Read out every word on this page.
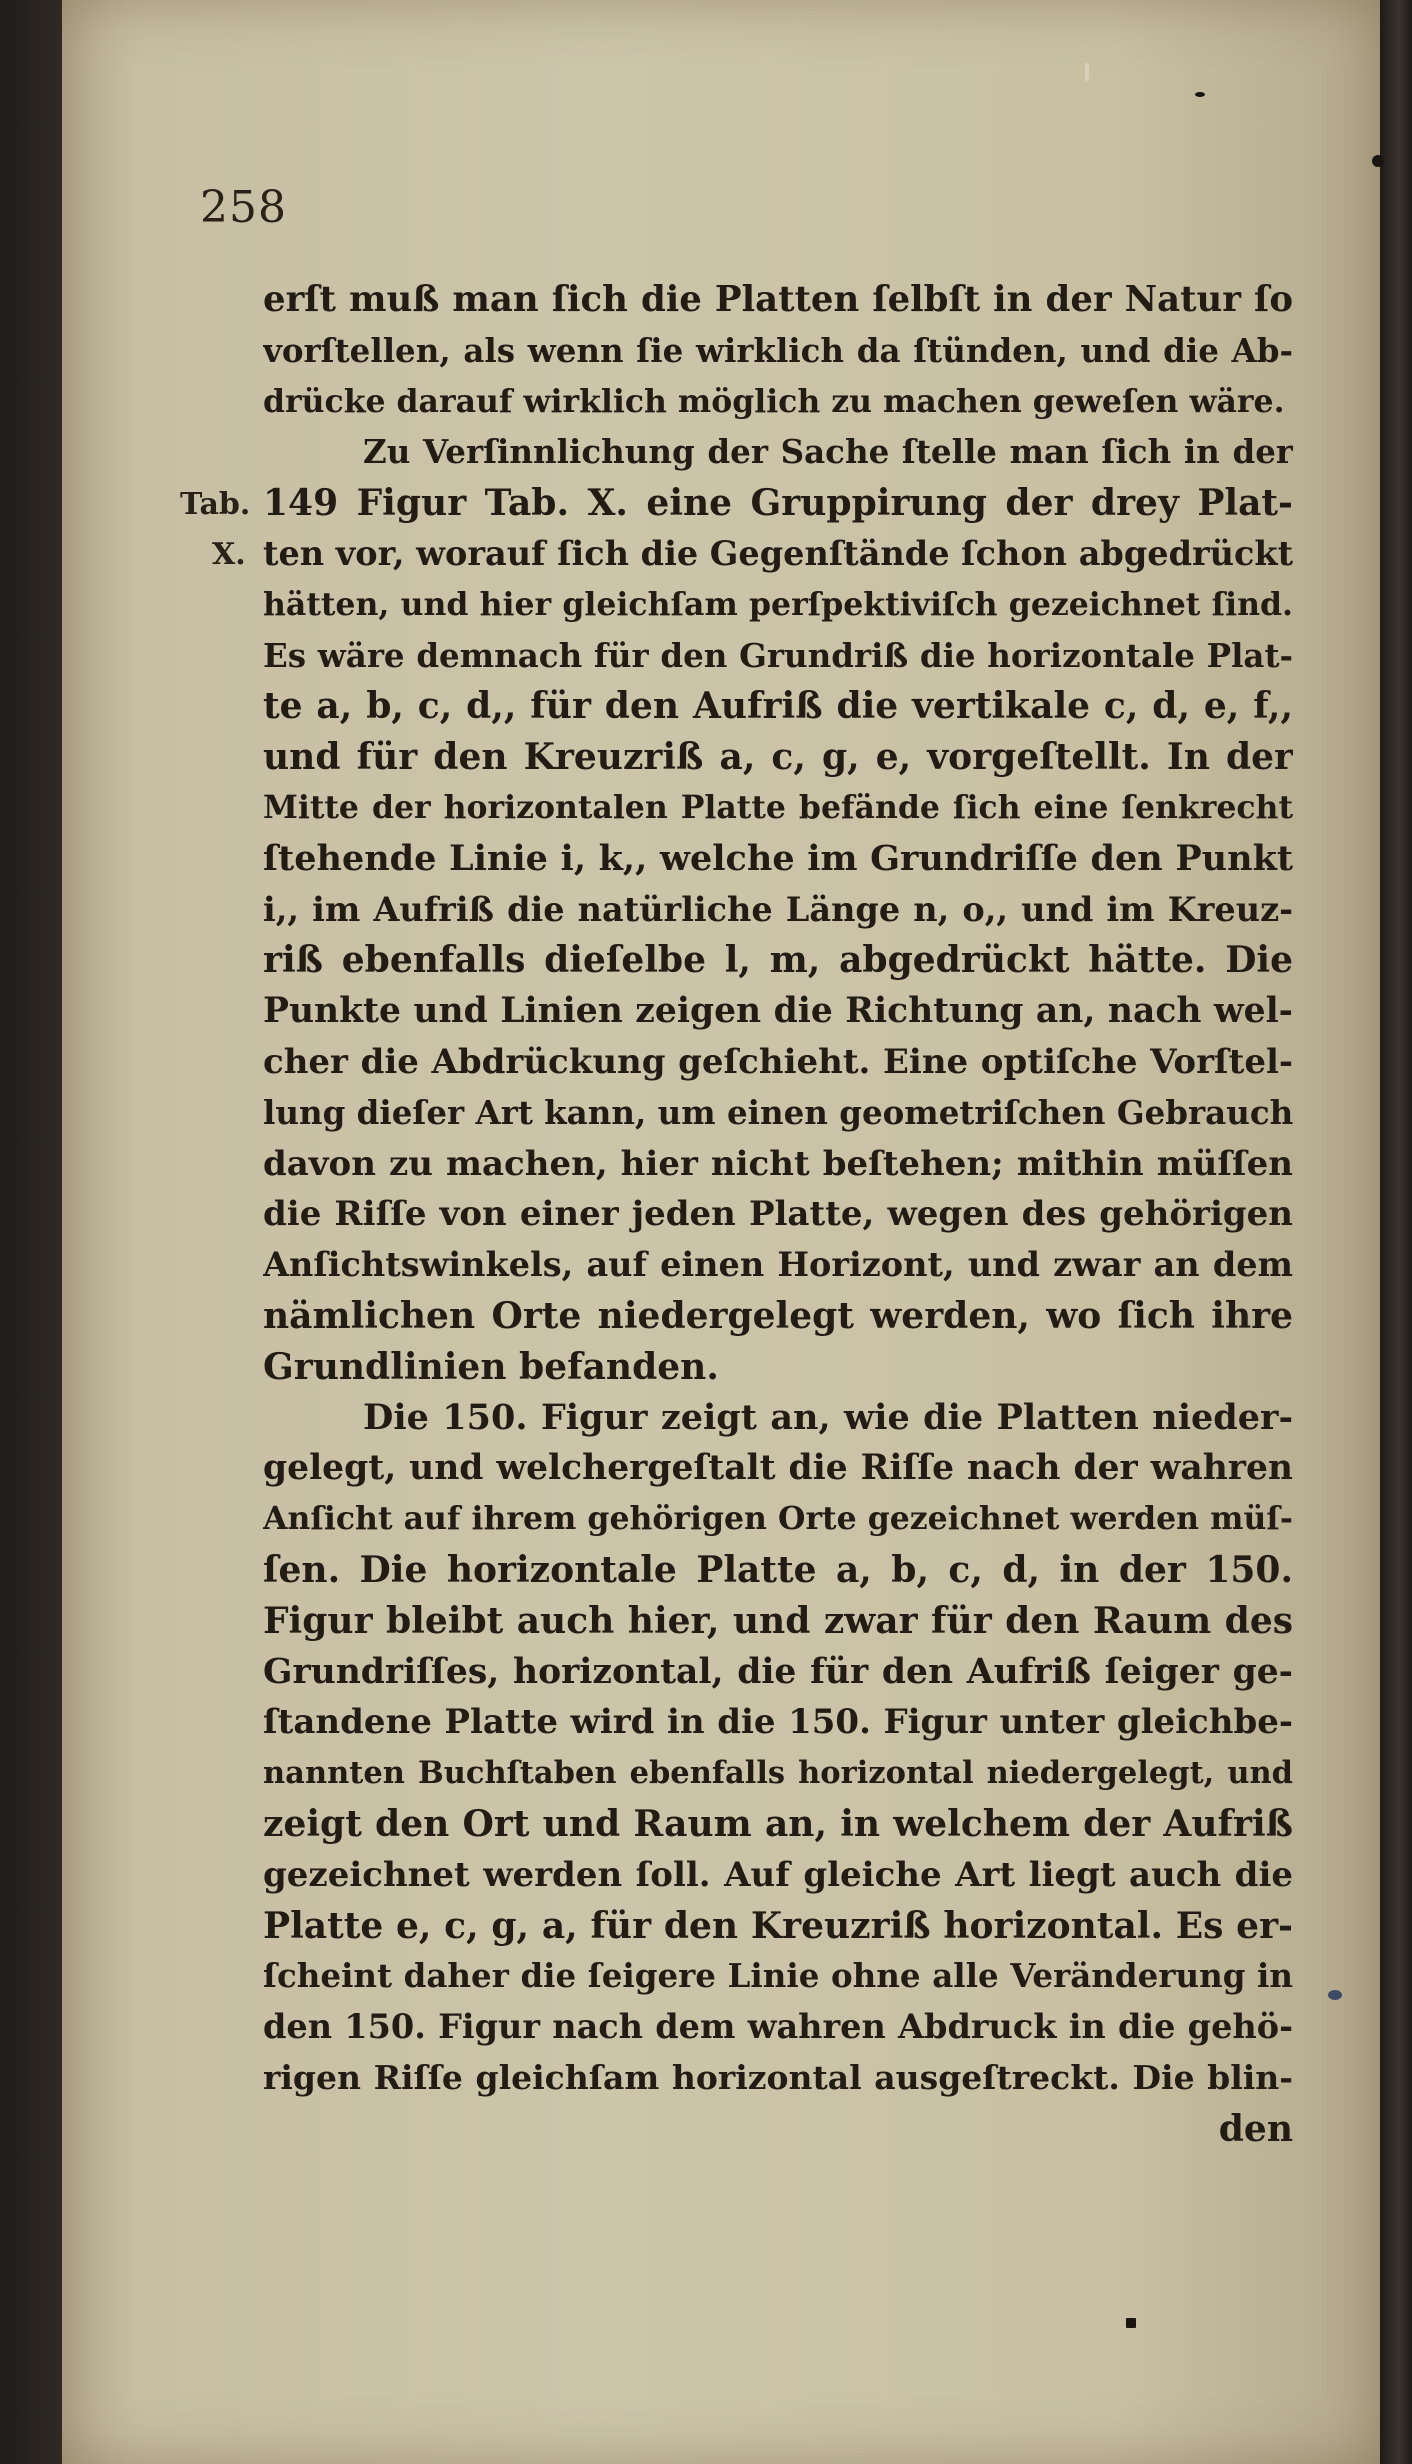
258
Tab.
X.
erſt muß man ſich die Platten ſelbſt in der Natur ſo
vorſtellen, als wenn ſie wirklich da ſtünden, und die Ab-
drücke darauf wirklich möglich zu machen geweſen wäre.
Zu Verſinnlichung der Sache ſtelle man ſich in der
149 Figur Tab. X. eine Gruppirung der drey Plat-
ten vor, worauf ſich die Gegenſtände ſchon abgedrückt
hätten, und hier gleichſam perſpektiviſch gezeichnet ſind.
Es wäre demnach für den Grundriß die horizontale Plat-
te a, b, c, d,, für den Aufriß die vertikale c, d, e, f,,
und für den Kreuzriß a, c, g, e, vorgeſtellt. In der
Mitte der horizontalen Platte befände ſich eine ſenkrecht
ſtehende Linie i, k,, welche im Grundriſſe den Punkt
i,, im Aufriß die natürliche Länge n, o,, und im Kreuz-
riß ebenfalls dieſelbe l, m, abgedrückt hätte. Die
Punkte und Linien zeigen die Richtung an, nach wel-
cher die Abdrückung geſchieht. Eine optiſche Vorſtel-
lung dieſer Art kann, um einen geometriſchen Gebrauch
davon zu machen, hier nicht beſtehen; mithin müſſen
die Riſſe von einer jeden Platte, wegen des gehörigen
Anſichtswinkels, auf einen Horizont, und zwar an dem
nämlichen Orte niedergelegt werden, wo ſich ihre
Grundlinien befanden.
Die 150. Figur zeigt an, wie die Platten nieder-
gelegt, und welchergeſtalt die Riſſe nach der wahren
Anſicht auf ihrem gehörigen Orte gezeichnet werden müſ-
ſen. Die horizontale Platte a, b, c, d, in der 150.
Figur bleibt auch hier, und zwar für den Raum des
Grundriſſes, horizontal, die für den Aufriß ſeiger ge-
ſtandene Platte wird in die 150. Figur unter gleichbe-
nannten Buchſtaben ebenfalls horizontal niedergelegt, und
zeigt den Ort und Raum an, in welchem der Aufriß
gezeichnet werden ſoll. Auf gleiche Art liegt auch die
Platte e, c, g, a, für den Kreuzriß horizontal. Es er-
ſcheint daher die ſeigere Linie ohne alle Veränderung in
den 150. Figur nach dem wahren Abdruck in die gehö-
rigen Riſſe gleichſam horizontal ausgeſtreckt. Die blin-
den
